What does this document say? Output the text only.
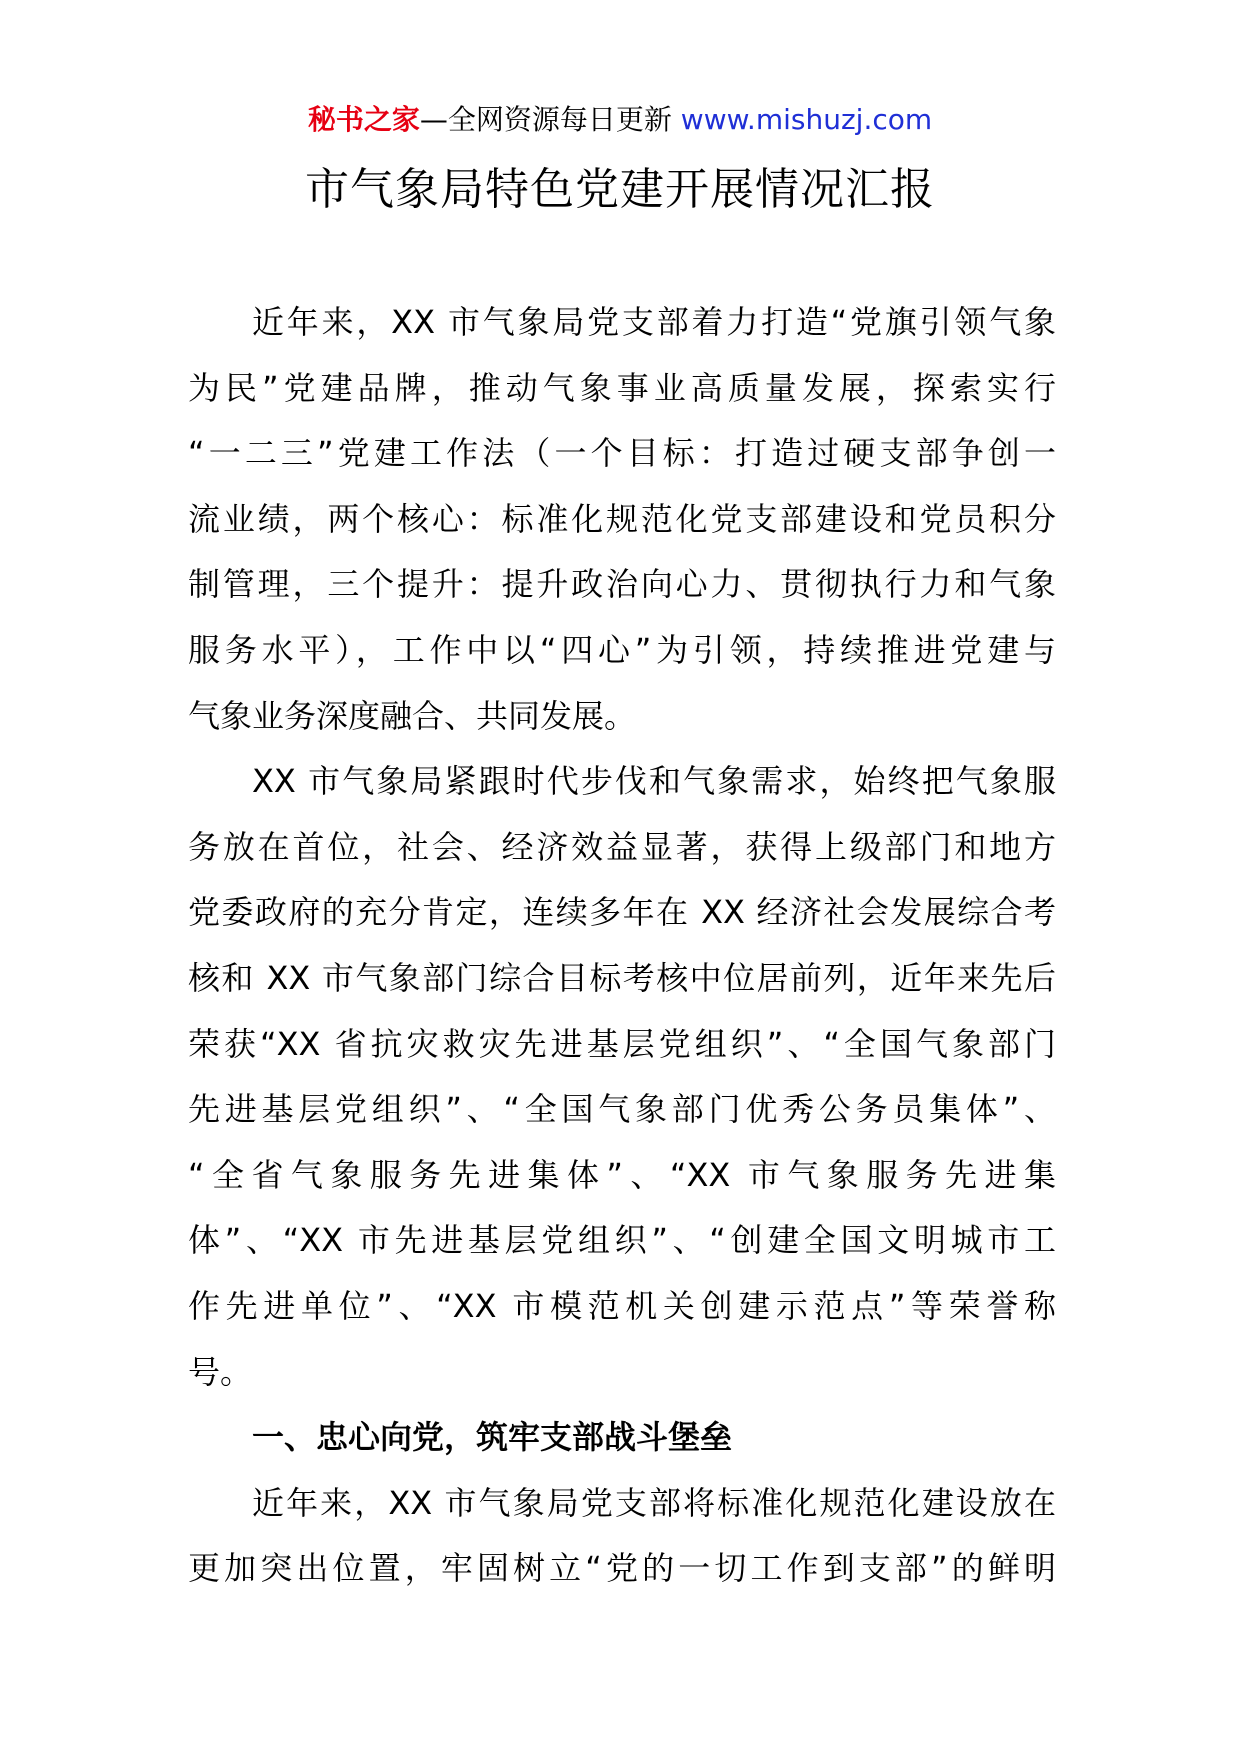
秘书之家—全网资源每日更新 www.mishuzj.com
市气象局特色党建开展情况汇报
近年来，XX 市气象局党支部着力打造“党旗引领气象
为民”党建品牌，推动气象事业高质量发展，探索实行
“一二三”党建工作法（一个目标：打造过硬支部争创一
流业绩，两个核心：标准化规范化党支部建设和党员积分
制管理，三个提升：提升政治向心力、贯彻执行力和气象
服务水平），工作中以“四心”为引领，持续推进党建与
气象业务深度融合、共同发展。
XX 市气象局紧跟时代步伐和气象需求，始终把气象服
务放在首位，社会、经济效益显著，获得上级部门和地方
党委政府的充分肯定，连续多年在 XX 经济社会发展综合考
核和 XX 市气象部门综合目标考核中位居前列，近年来先后
荣获“XX 省抗灾救灾先进基层党组织”、“全国气象部门
先进基层党组织”、“全国气象部门优秀公务员集体”、
“全省气象服务先进集体”、“XX 市气象服务先进集
体”、“XX 市先进基层党组织”、“创建全国文明城市工
作先进单位”、“XX 市模范机关创建示范点”等荣誉称
号。
一、忠心向党，筑牢支部战斗堡垒
近年来，XX 市气象局党支部将标准化规范化建设放在
更加突出位置，牢固树立“党的一切工作到支部”的鲜明
